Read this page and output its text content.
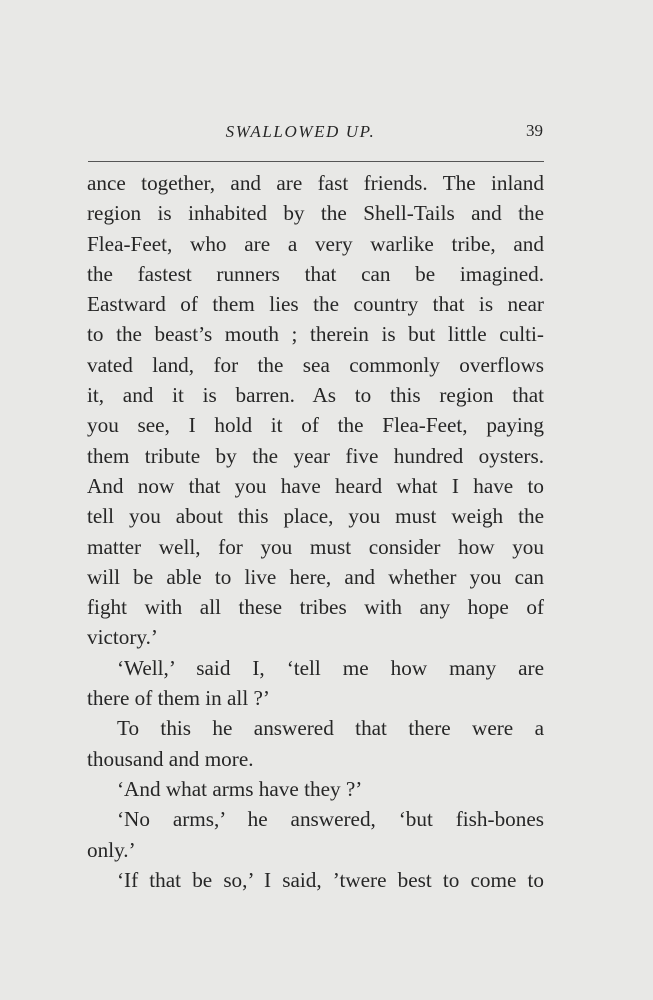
SWALLOWED UP.	39
ance together, and are fast friends. The inland
region is inhabited by the Shell-Tails and the
Flea-Feet, who are a very warlike tribe, and
the fastest runners that can be imagined.
Eastward of them lies the country that is near
to the beast’s mouth ; therein is but little culti-
vated land, for the sea commonly overflows
it, and it is barren. As to this region that
you see, I hold it of the Flea-Feet, paying
them tribute by the year five hundred oysters.
And now that you have heard what I have to
tell you about this place, you must weigh the
matter well, for you must consider how you
will be able to live here, and whether you can
fight with all these tribes with any hope of
victory.’
‘Well,’ said I, ‘tell me how many are
there of them in all ?’
To this he answered that there were a
thousand and more.
‘And what arms have they ?’
‘No arms,’ he answered, ‘but fish-bones
only.’
‘If that be so,’ I said, ’twere best to come to
